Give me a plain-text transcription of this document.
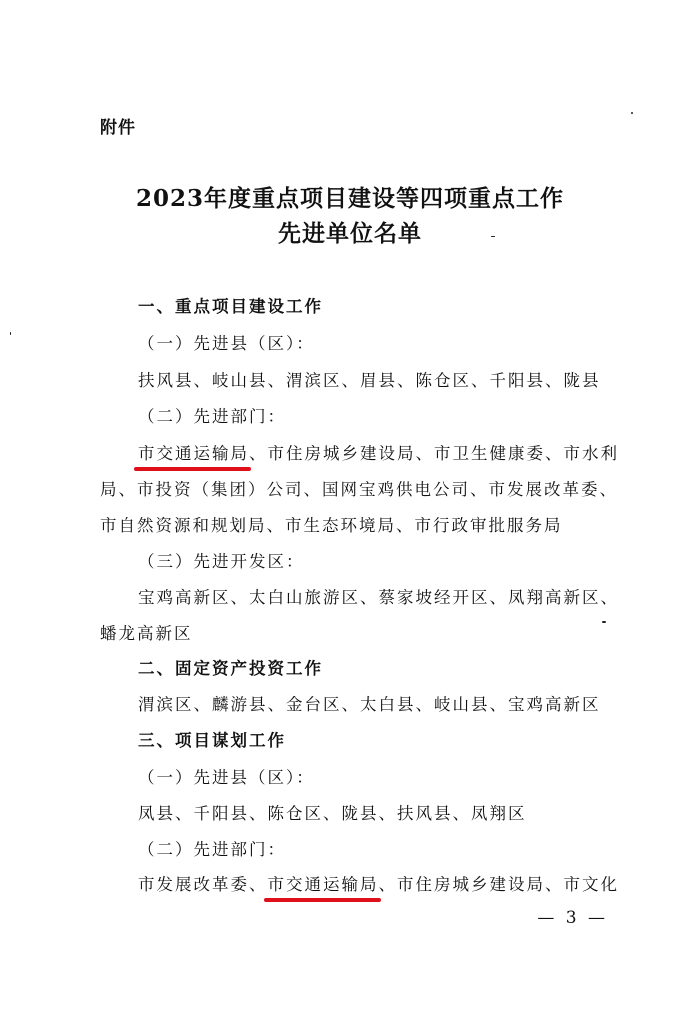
附件
2023年度重点项目建设等四项重点工作
先进单位名单
一、重点项目建设工作
（一）先进县（区）：
扶风县、岐山县、渭滨区、眉县、陈仓区、千阳县、陇县
（二）先进部门：
市交通运输局、市住房城乡建设局、市卫生健康委、市水利
局、市投资（集团）公司、国网宝鸡供电公司、市发展改革委、
市自然资源和规划局、市生态环境局、市行政审批服务局
（三）先进开发区：
宝鸡高新区、太白山旅游区、蔡家坡经开区、凤翔高新区、
蟠龙高新区
二、固定资产投资工作
渭滨区、麟游县、金台区、太白县、岐山县、宝鸡高新区
三、项目谋划工作
（一）先进县（区）：
凤县、千阳县、陈仓区、陇县、扶风县、凤翔区
（二）先进部门：
市发展改革委、市交通运输局、市住房城乡建设局、市文化
— 3 —
